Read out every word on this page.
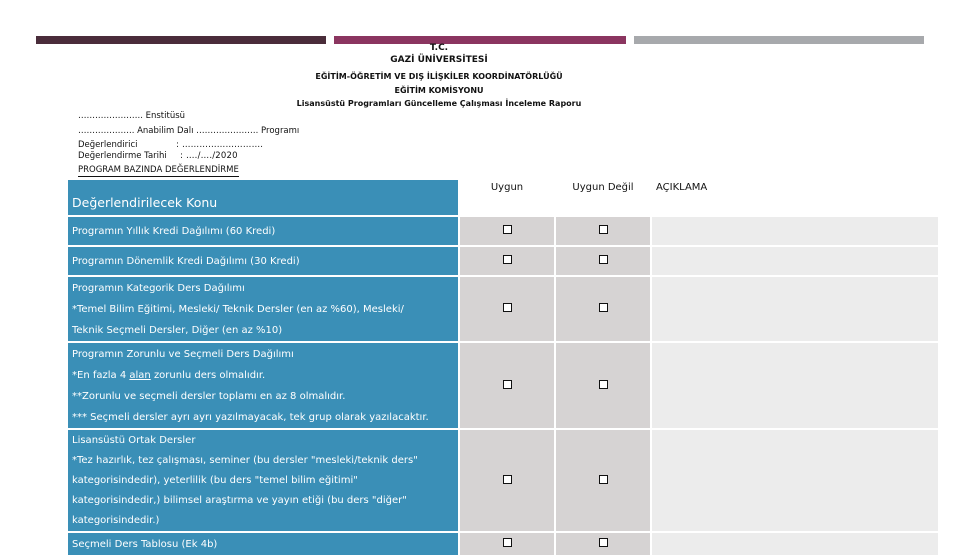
T.C.
GAZİ ÜNİVERSİTESİ
EĞİTİM-ÖĞRETİM VE DIŞ İLİŞKİLER KOORDİNATÖRLÜĞÜ
EĞİTİM KOMİSYONU
Lisansüstü Programları Güncelleme Çalışması İnceleme Raporu
………………….. Enstitüsü
……………….. Anabilim Dalı …………………. Programı
Değerlendirici	: ……………………….
Değerlendirme Tarihi : …./…./2020
PROGRAM BAZINDA DEĞERLENDİRME
Değerlendirilecek Konu	Uygun	Uygun Değil	AÇIKLAMA
Programın Yıllık Kredi Dağılımı (60 Kredi)			
Programın Dönemlik Kredi Dağılımı (30 Kredi)			

Programın Kategorik Ders Dağılımı
*Temel Bilim Eğitimi, Mesleki/ Teknik Dersler (en az %60), Mesleki/
Teknik Seçmeli Dersler, Diğer (en az %10)			

Programın Zorunlu ve Seçmeli Ders Dağılımı
*En fazla 4 alan zorunlu ders olmalıdır.
**Zorunlu ve seçmeli dersler toplamı en az 8 olmalıdır.
*** Seçmeli dersler ayrı ayrı yazılmayacak, tek grup olarak yazılacaktır.			

Lisansüstü Ortak Dersler
*Tez hazırlık, tez çalışması, seminer (bu dersler "mesleki/teknik ders"
kategorisindedir), yeterlilik (bu ders "temel bilim eğitimi"
kategorisindedir,) bilimsel araştırma ve yayın etiği (bu ders "diğer"
kategorisindedir.)			

Seçmeli Ders Tablosu (Ek 4b)			
